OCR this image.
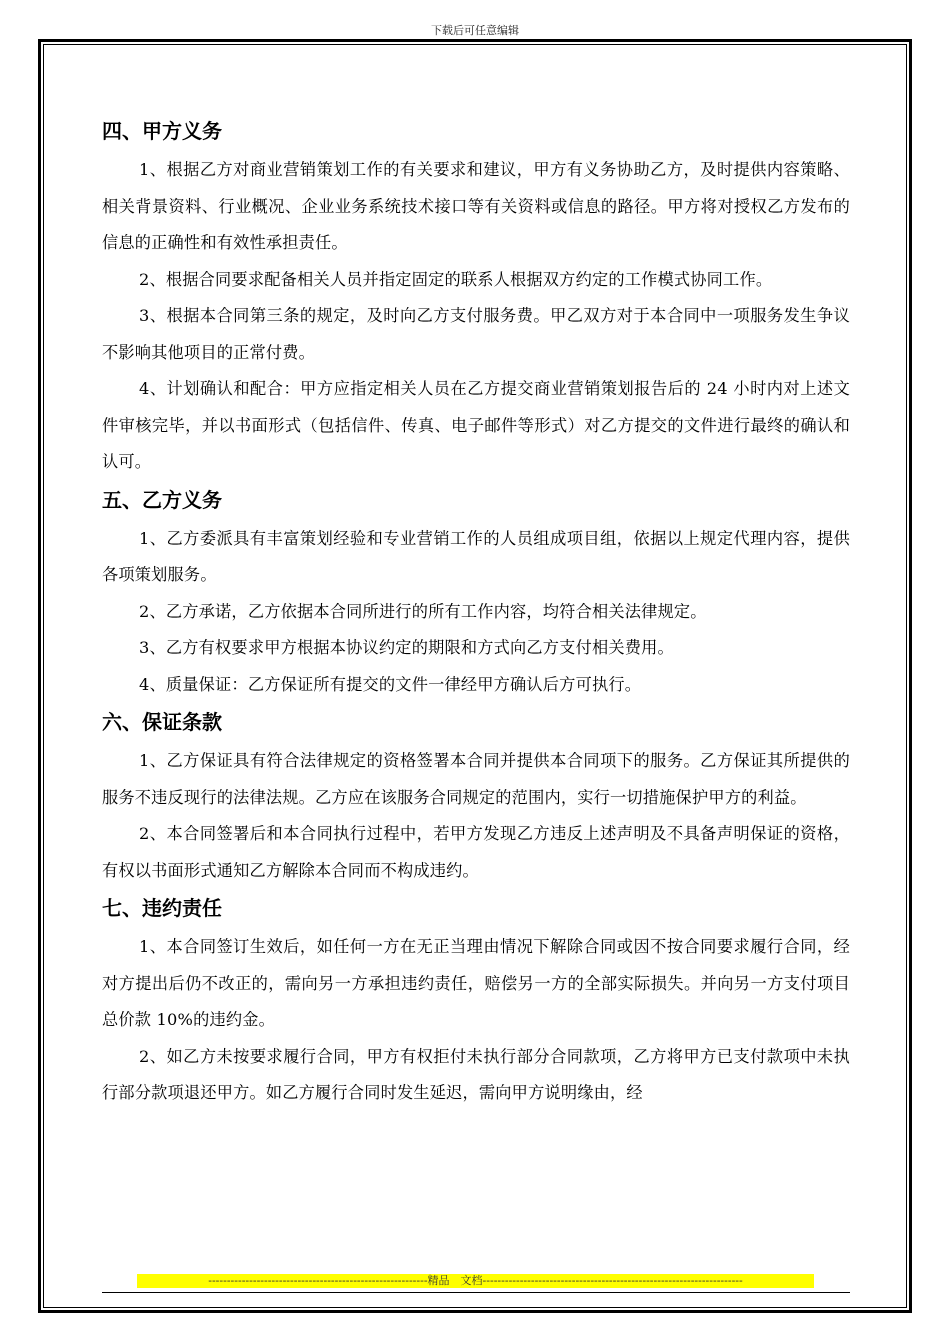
下载后可任意编辑
四、甲方义务

1、根据乙方对商业营销策划工作的有关要求和建议，甲方有义务协助乙方，及时提供内容策略、相关背景资料、行业概况、企业业务系统技术接口等有关资料或信息的路径。甲方将对授权乙方发布的信息的正确性和有效性承担责任。

2、根据合同要求配备相关人员并指定固定的联系人根据双方约定的工作模式协同工作。

3、根据本合同第三条的规定，及时向乙方支付服务费。甲乙双方对于本合同中一项服务发生争议不影响其他项目的正常付费。

4、计划确认和配合：甲方应指定相关人员在乙方提交商业营销策划报告后的 24 小时内对上述文件审核完毕，并以书面形式（包括信件、传真、电子邮件等形式）对乙方提交的文件进行最终的确认和认可。

五、乙方义务

1、乙方委派具有丰富策划经验和专业营销工作的人员组成项目组，依据以上规定代理内容，提供各项策划服务。

2、乙方承诺，乙方依据本合同所进行的所有工作内容，均符合相关法律规定。

3、乙方有权要求甲方根据本协议约定的期限和方式向乙方支付相关费用。

4、质量保证：乙方保证所有提交的文件一律经甲方确认后方可执行。

六、保证条款

1、乙方保证具有符合法律规定的资格签署本合同并提供本合同项下的服务。乙方保证其所提供的服务不违反现行的法律法规。乙方应在该服务合同规定的范围内，实行一切措施保护甲方的利益。

2、本合同签署后和本合同执行过程中，若甲方发现乙方违反上述声明及不具备声明保证的资格，有权以书面形式通知乙方解除本合同而不构成违约。

七、违约责任

1、本合同签订生效后，如任何一方在无正当理由情况下解除合同或因不按合同要求履行合同，经对方提出后仍不改正的，需向另一方承担违约责任，赔偿另一方的全部实际损失。并向另一方支付项目总价款 10%的违约金。

2、如乙方未按要求履行合同，甲方有权拒付未执行部分合同款项，乙方将甲方已支付款项中未执行部分款项退还甲方。如乙方履行合同时发生延迟，需向甲方说明缘由，经

-----------------------------------------------------------精品　文档----------------------------------------------------------------------
